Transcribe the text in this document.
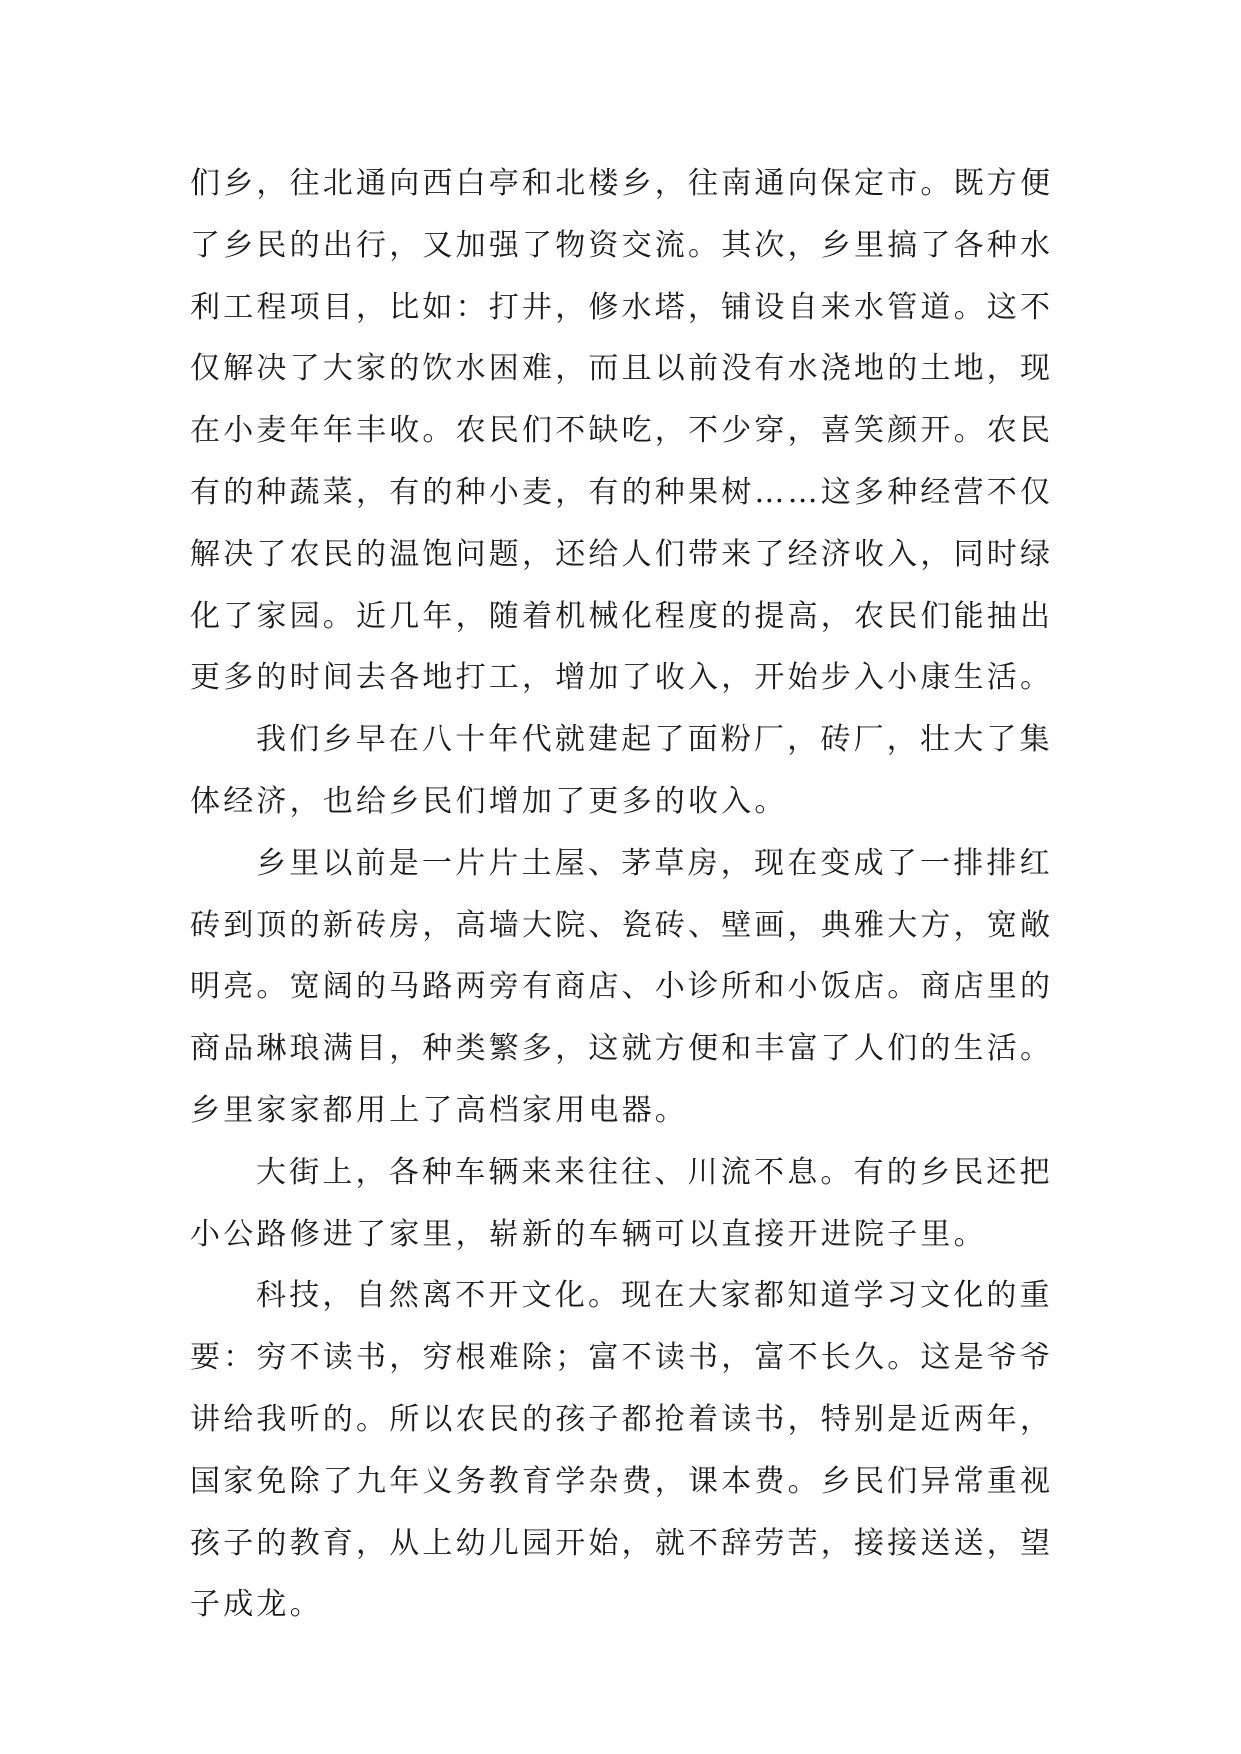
们乡，往北通向西白亭和北楼乡，往南通向保定市。既方便
了乡民的出行，又加强了物资交流。其次，乡里搞了各种水
利工程项目，比如：打井，修水塔，铺设自来水管道。这不
仅解决了大家的饮水困难，而且以前没有水浇地的土地，现
在小麦年年丰收。农民们不缺吃，不少穿，喜笑颜开。农民
有的种蔬菜，有的种小麦，有的种果树……这多种经营不仅
解决了农民的温饱问题，还给人们带来了经济收入，同时绿
化了家园。近几年，随着机械化程度的提高，农民们能抽出
更多的时间去各地打工，增加了收入，开始步入小康生活。
我们乡早在八十年代就建起了面粉厂，砖厂，壮大了集
体经济，也给乡民们增加了更多的收入。
乡里以前是一片片土屋、茅草房，现在变成了一排排红
砖到顶的新砖房，高墙大院、瓷砖、壁画，典雅大方，宽敞
明亮。宽阔的马路两旁有商店、小诊所和小饭店。商店里的
商品琳琅满目，种类繁多，这就方便和丰富了人们的生活。
乡里家家都用上了高档家用电器。
大街上，各种车辆来来往往、川流不息。有的乡民还把
小公路修进了家里，崭新的车辆可以直接开进院子里。
科技，自然离不开文化。现在大家都知道学习文化的重
要：穷不读书，穷根难除；富不读书，富不长久。这是爷爷
讲给我听的。所以农民的孩子都抢着读书，特别是近两年，
国家免除了九年义务教育学杂费，课本费。乡民们异常重视
孩子的教育，从上幼儿园开始，就不辞劳苦，接接送送，望
子成龙。
